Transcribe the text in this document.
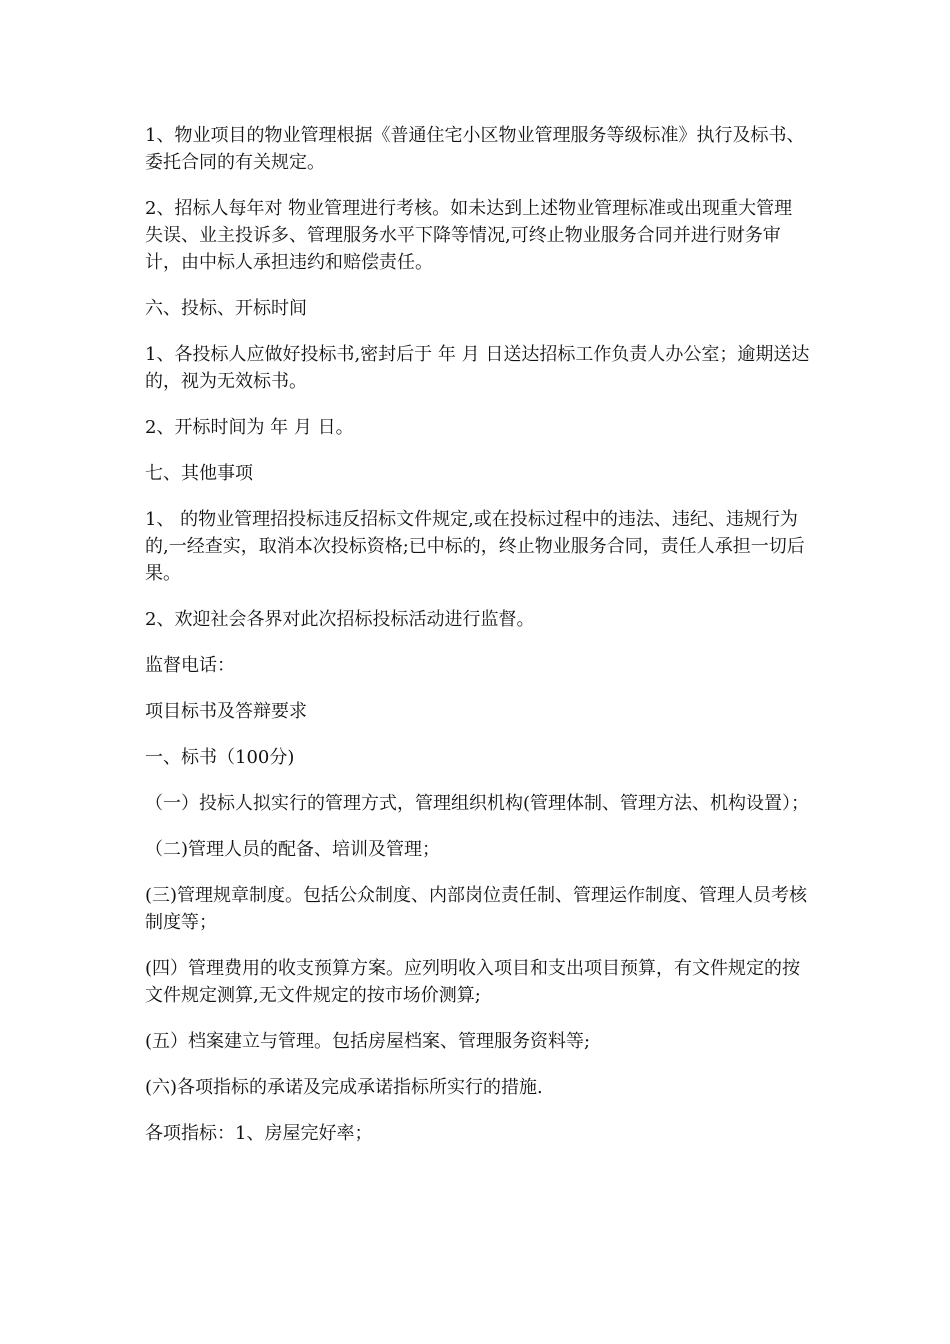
1、物业项目的物业管理根据《普通住宅小区物业管理服务等级标准》执行及标书、委托合同的有关规定。

2、招标人每年对 物业管理进行考核。如未达到上述物业管理标准或出现重大管理失误、业主投诉多、管理服务水平下降等情况,可终止物业服务合同并进行财务审计，由中标人承担违约和赔偿责任。

六、投标、开标时间

1、各投标人应做好投标书,密封后于 年 月 日送达招标工作负责人办公室；逾期送达的，视为无效标书。

2、开标时间为 年 月 日。

七、其他事项

1、 的物业管理招投标违反招标文件规定,或在投标过程中的违法、违纪、违规行为的,一经查实，取消本次投标资格;已中标的，终止物业服务合同，责任人承担一切后果。

2、欢迎社会各界对此次招标投标活动进行监督。

监督电话：

项目标书及答辩要求

一、标书（100分)

（一）投标人拟实行的管理方式，管理组织机构(管理体制、管理方法、机构设置）；

（二)管理人员的配备、培训及管理；

(三)管理规章制度。包括公众制度、内部岗位责任制、管理运作制度、管理人员考核制度等；

(四）管理费用的收支预算方案。应列明收入项目和支出项目预算，有文件规定的按文件规定测算,无文件规定的按市场价测算;

(五）档案建立与管理。包括房屋档案、管理服务资料等;

(六)各项指标的承诺及完成承诺指标所实行的措施.

各项指标：1、房屋完好率；
